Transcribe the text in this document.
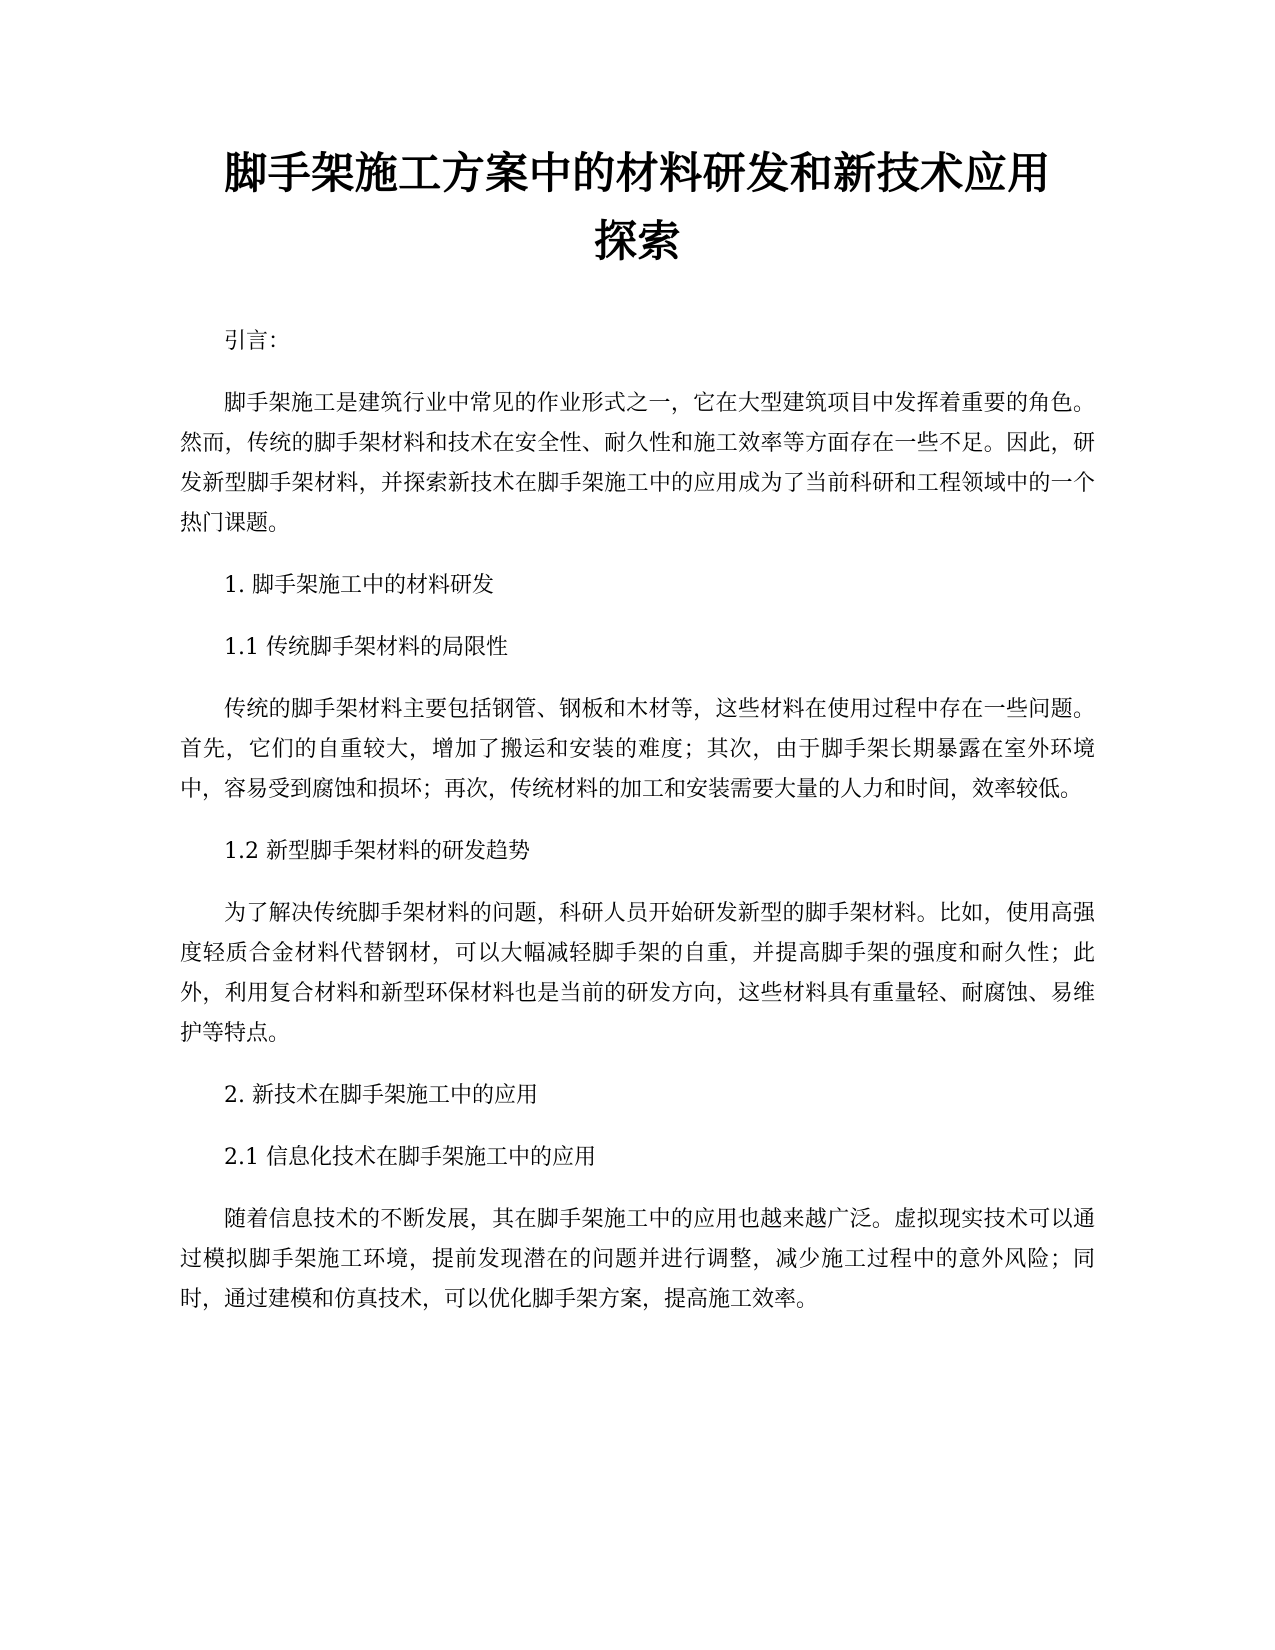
脚手架施工方案中的材料研发和新技术应用
探索

引言：

脚手架施工是建筑行业中常见的作业形式之一，它在大型建筑项目中发挥着重要的角色。然而，传统的脚手架材料和技术在安全性、耐久性和施工效率等方面存在一些不足。因此，研发新型脚手架材料，并探索新技术在脚手架施工中的应用成为了当前科研和工程领域中的一个热门课题。

1. 脚手架施工中的材料研发

1.1 传统脚手架材料的局限性

传统的脚手架材料主要包括钢管、钢板和木材等，这些材料在使用过程中存在一些问题。首先，它们的自重较大，增加了搬运和安装的难度；其次，由于脚手架长期暴露在室外环境中，容易受到腐蚀和损坏；再次，传统材料的加工和安装需要大量的人力和时间，效率较低。

1.2 新型脚手架材料的研发趋势

为了解决传统脚手架材料的问题，科研人员开始研发新型的脚手架材料。比如，使用高强度轻质合金材料代替钢材，可以大幅减轻脚手架的自重，并提高脚手架的强度和耐久性；此外，利用复合材料和新型环保材料也是当前的研发方向，这些材料具有重量轻、耐腐蚀、易维护等特点。

2. 新技术在脚手架施工中的应用

2.1 信息化技术在脚手架施工中的应用

随着信息技术的不断发展，其在脚手架施工中的应用也越来越广泛。虚拟现实技术可以通过模拟脚手架施工环境，提前发现潜在的问题并进行调整，减少施工过程中的意外风险；同时，通过建模和仿真技术，可以优化脚手架方案，提高施工效率。
